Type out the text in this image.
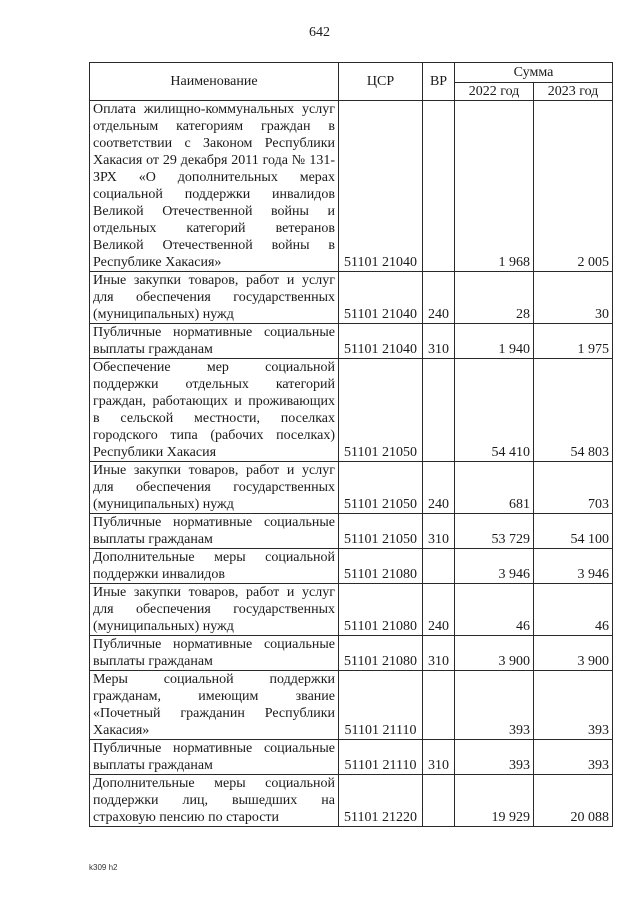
642
Наименование	ЦСР	ВР	Сумма	
			2022 год	2023 год
Оплата жилищно-коммунальных услуг отдельным категориям граждан в соответствии с Законом Республики Хакасия от 29 декабря 2011 года № 131-ЗРХ «О дополнительных мерах социальной поддержки инвалидов Великой Отечественной войны и отдельных категорий ветеранов Великой Отечественной войны в Республике Хакасия»	51101 21040		1 968	2 005
Иные закупки товаров, работ и услуг для обеспечения государственных (муниципальных) нужд	51101 21040	240	28	30
Публичные нормативные социальные выплаты гражданам	51101 21040	310	1 940	1 975
Обеспечение мер социальной поддержки отдельных категорий граждан, работающих и проживающих в сельской местности, поселках городского типа (рабочих поселках) Республики Хакасия	51101 21050		54 410	54 803
Иные закупки товаров, работ и услуг для обеспечения государственных (муниципальных) нужд	51101 21050	240	681	703
Публичные нормативные социальные выплаты гражданам	51101 21050	310	53 729	54 100
Дополнительные меры социальной поддержки инвалидов	51101 21080		3 946	3 946
Иные закупки товаров, работ и услуг для обеспечения государственных (муниципальных) нужд	51101 21080	240	46	46
Публичные нормативные социальные выплаты гражданам	51101 21080	310	3 900	3 900
Меры социальной поддержки гражданам, имеющим звание «Почетный гражданин Республики Хакасия»	51101 21110		393	393
Публичные нормативные социальные выплаты гражданам	51101 21110	310	393	393
Дополнительные меры социальной поддержки лиц, вышедших на страховую пенсию по старости	51101 21220		19 929	20 088
k309 h2
